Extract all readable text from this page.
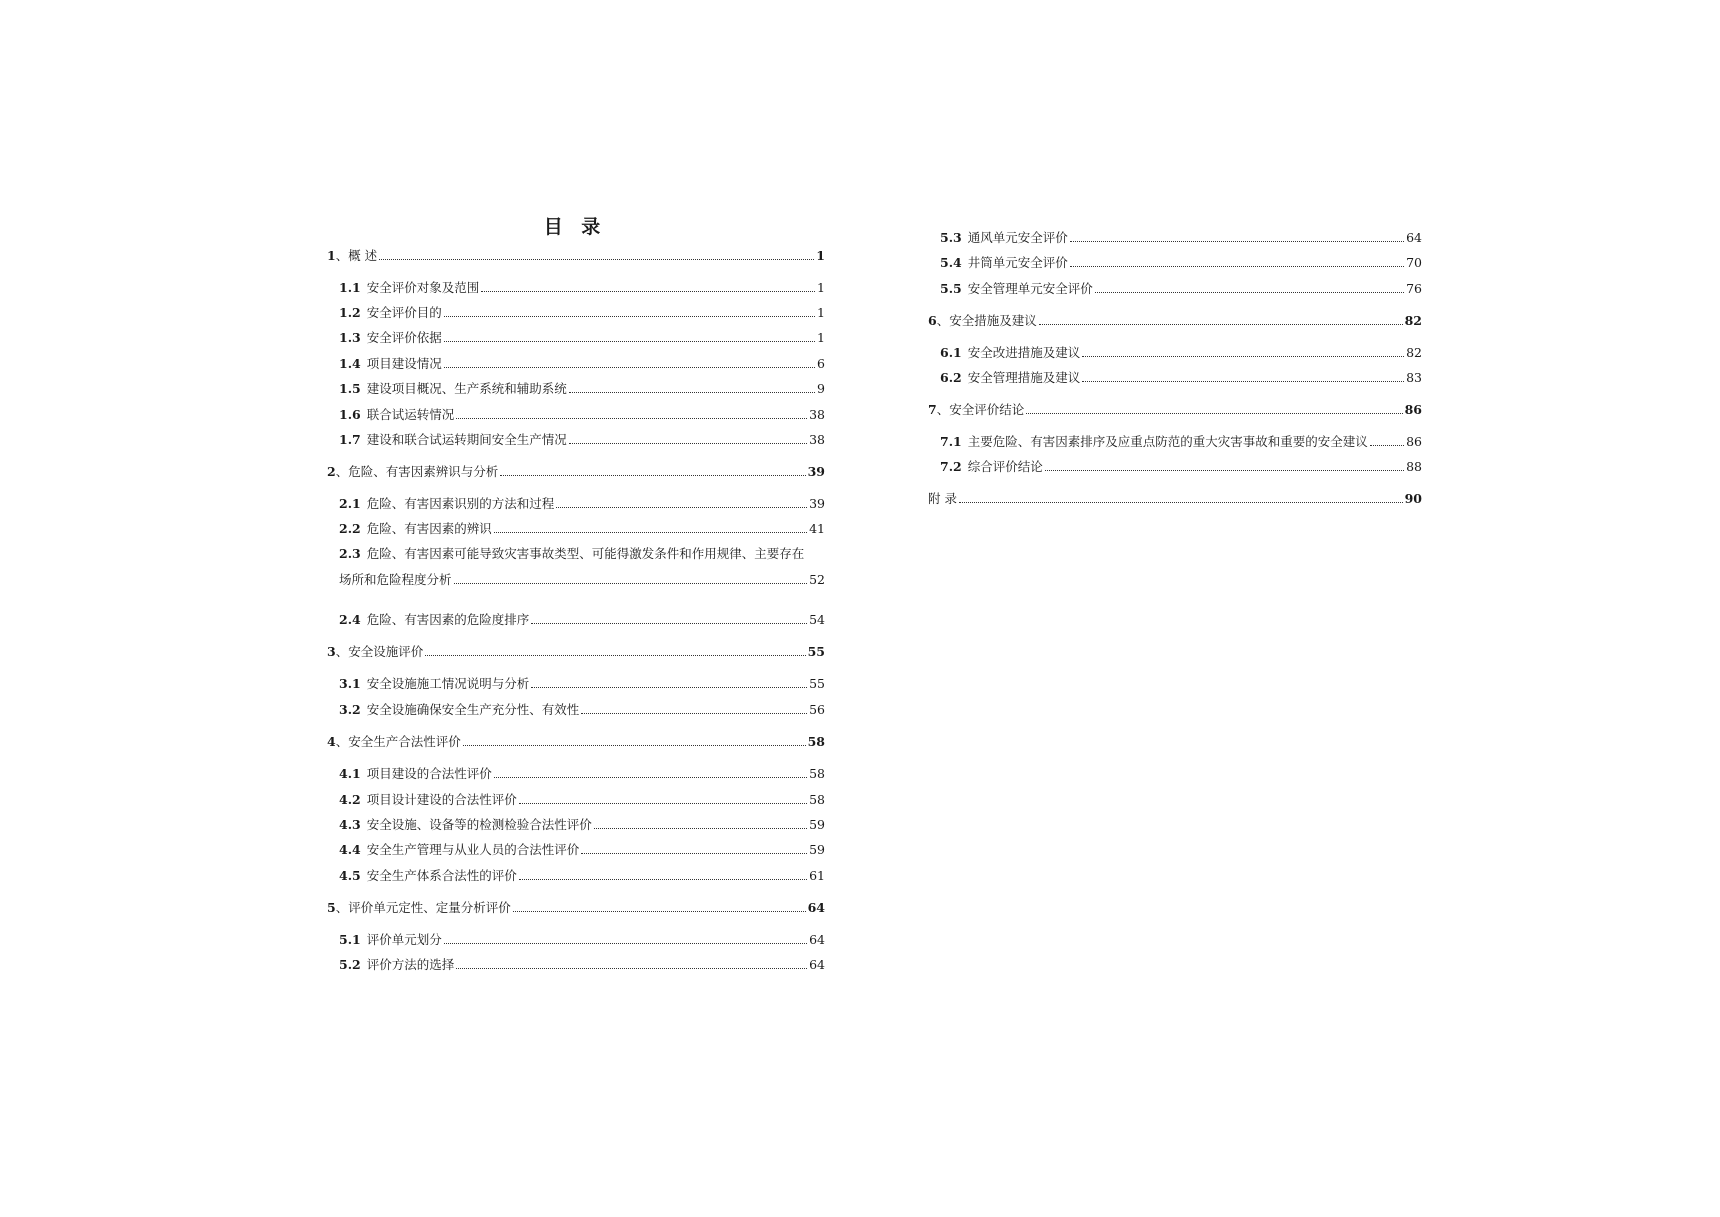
目 录
1 、概 述	1
1.1 安全评价对象及范围	1
1.2 安全评价目的	1
1.3 安全评价依据	1
1.4 项目建设情况	6
1.5 建设项目概况、生产系统和辅助系统	9
1.6 联合试运转情况	38
1.7 建设和联合试运转期间安全生产情况	38
2 、危险、有害因素辨识与分析	39
2.1 危险、有害因素识别的方法和过程	39
2.2 危险、有害因素的辨识	41
2.3 危险、有害因素可能导致灾害事故类型、可能得激发条件和作用规律、主要存在
场所和危险程度分析	52
2.4 危险、有害因素的危险度排序	54
3 、安全设施评价	55
3.1 安全设施施工情况说明与分析	55
3.2 安全设施确保安全生产充分性、有效性	56
4 、安全生产合法性评价	58
4.1 项目建设的合法性评价	58
4.2 项目设计建设的合法性评价	58
4.3 安全设施、设备等的检测检验合法性评价	59
4.4 安全生产管理与从业人员的合法性评价	59
4.5 安全生产体系合法性的评价	61
5 、评价单元定性、定量分析评价	64
5.1 评价单元划分	64
5.2 评价方法的选择	64
5.3 通风单元安全评价	64
5.4 井筒单元安全评价	70
5.5 安全管理单元安全评价	76
6 、安全措施及建议	82
6.1 安全改进措施及建议	82
6.2 安全管理措施及建议	83
7 、安全评价结论	86
7.1 主要危险、有害因素排序及应重点防范的重大灾害事故和重要的安全建议	86
7.2 综合评价结论	88
附 录	90
